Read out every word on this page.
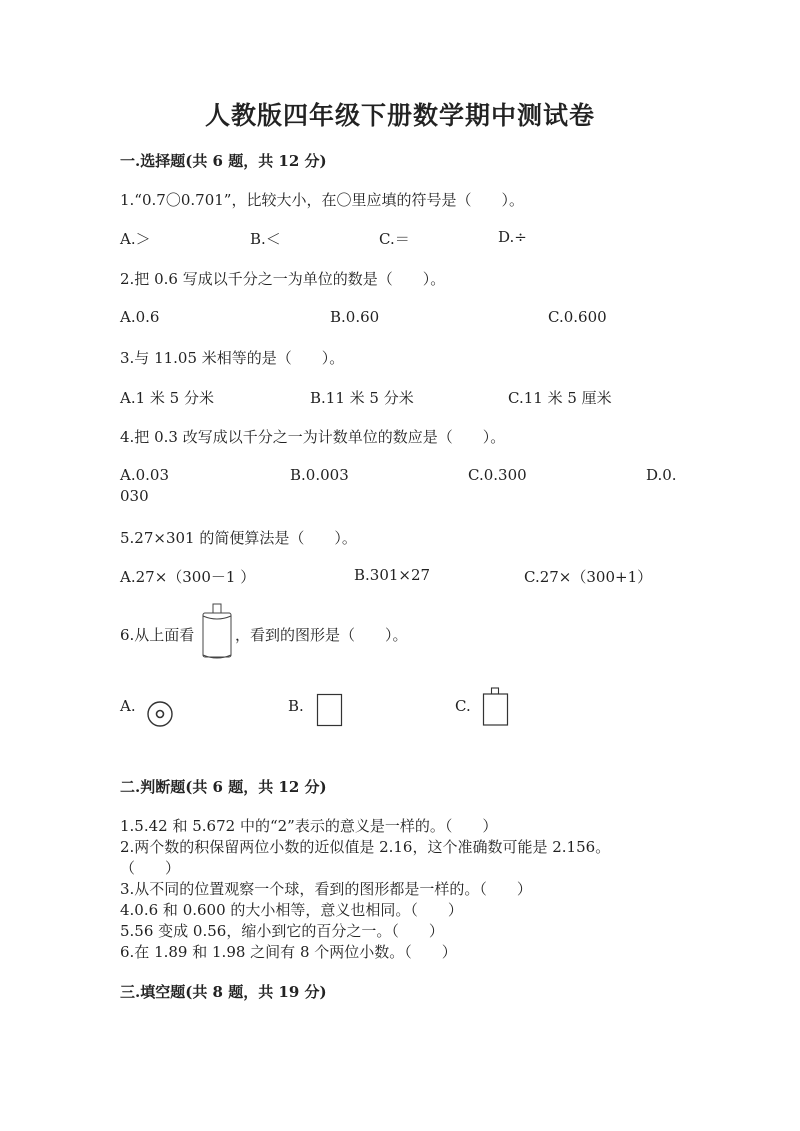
人教版四年级下册数学期中测试卷
一.选择题(共 6 题，共 12 分)
1.“0.7〇0.701”，比较大小，在〇里应填的符号是（　　）。
A.＞	B.＜	C.＝	D.÷
2.把 0.6 写成以千分之一为单位的数是（　　）。
A.0.6	B.0.60	C.0.600
3.与 11.05 米相等的是（　　）。
A.1 米 5 分米	B.11 米 5 分米	C.11 米 5 厘米
4.把 0.3 改写成以千分之一为计数单位的数应是（　　）。
A.0.03	B.0.003	C.0.300	D.0.
030
5.27×301 的简便算法是（　　）。
A.27×（300－1 ）	B.301×27	C.27×（300+1）
6.从上面看	，看到的图形是（　　）。
A.	B.	C.
二.判断题(共 6 题，共 12 分)
1.5.42 和 5.672 中的“2”表示的意义是一样的。（　　）
2.两个数的积保留两位小数的近似值是 2.16，这个准确数可能是 2.156。
（　　）
3.从不同的位置观察一个球，看到的图形都是一样的。（　　）
4.0.6 和 0.600 的大小相等，意义也相同。（　　）
5.56 变成 0.56，缩小到它的百分之一。（　　）
6.在 1.89 和 1.98 之间有 8 个两位小数。（　　）
三.填空题(共 8 题，共 19 分)
